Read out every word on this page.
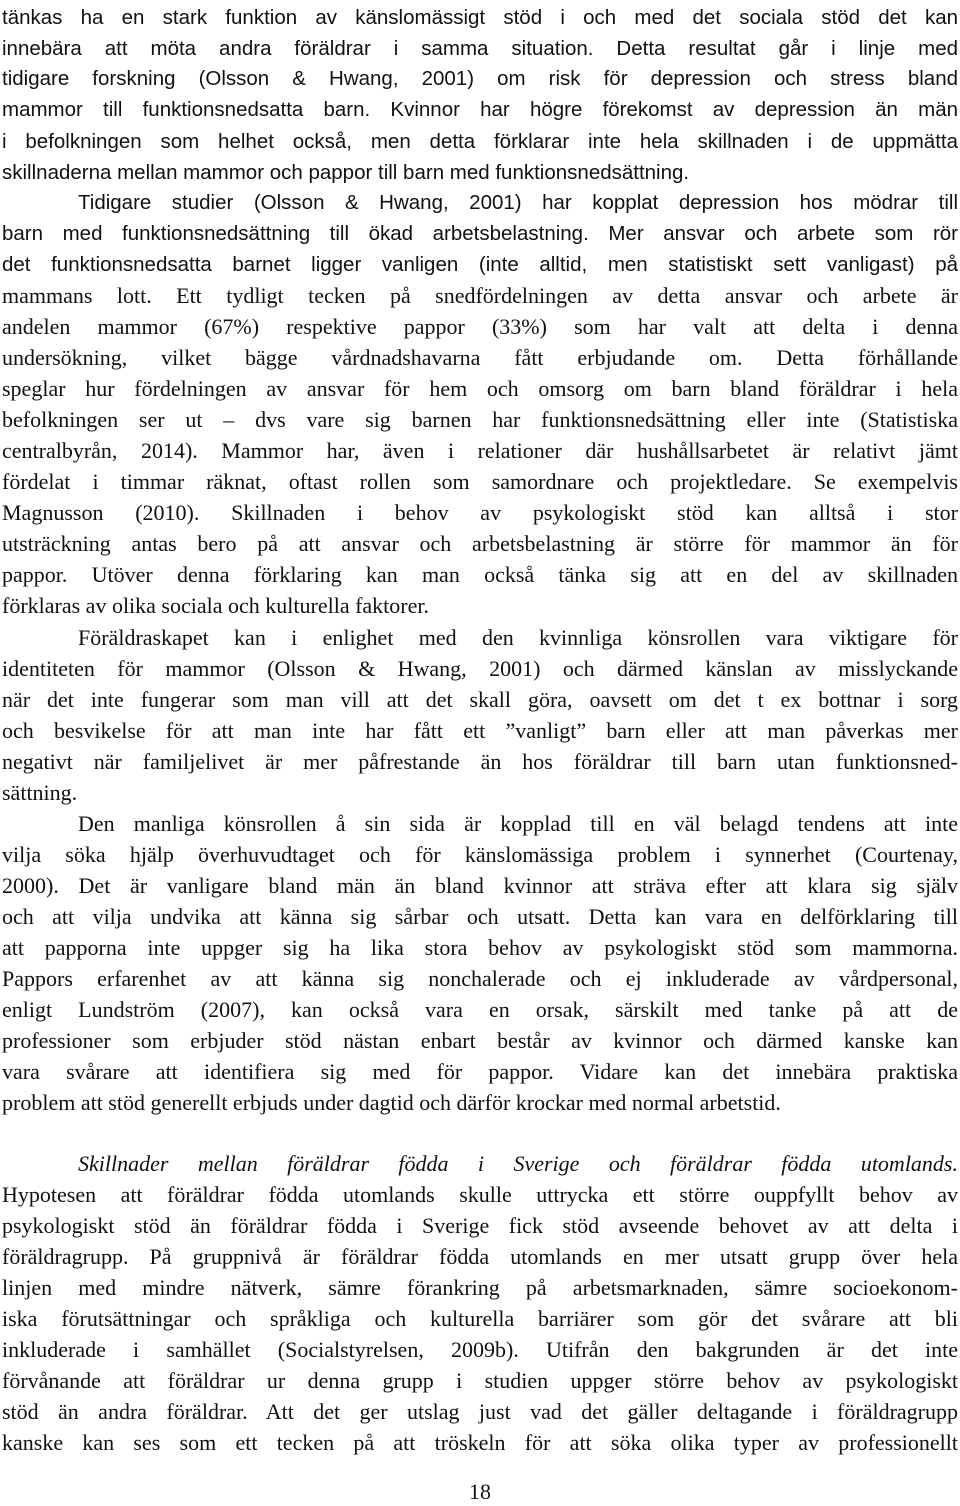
tänkas ha en stark funktion av känslomässigt stöd i och med det sociala stöd det kan
innebära att möta andra föräldrar i samma situation. Detta resultat går i linje med
tidigare forskning (Olsson & Hwang, 2001) om risk för depression och stress bland
mammor till funktionsnedsatta barn. Kvinnor har högre förekomst av depression än män
i befolkningen som helhet också, men detta förklarar inte hela skillnaden i de uppmätta
skillnaderna mellan mammor och pappor till barn med funktionsnedsättning.
Tidigare studier (Olsson & Hwang, 2001) har kopplat depression hos mödrar till
barn med funktionsnedsättning till ökad arbetsbelastning. Mer ansvar och arbete som rör
det funktionsnedsatta barnet ligger vanligen (inte alltid, men statistiskt sett vanligast) på
mammans lott. Ett tydligt tecken på snedfördelningen av detta ansvar och arbete är
andelen mammor (67%) respektive pappor (33%) som har valt att delta i denna
undersökning, vilket bägge vårdnadshavarna fått erbjudande om. Detta förhållande
speglar hur fördelningen av ansvar för hem och omsorg om barn bland föräldrar i hela
befolkningen ser ut – dvs vare sig barnen har funktionsnedsättning eller inte (Statistiska
centralbyrån, 2014). Mammor har, även i relationer där hushållsarbetet är relativt jämt
fördelat i timmar räknat, oftast rollen som samordnare och projektledare. Se exempelvis
Magnusson (2010). Skillnaden i behov av psykologiskt stöd kan alltså i stor
utsträckning antas bero på att ansvar och arbetsbelastning är större för mammor än för
pappor. Utöver denna förklaring kan man också tänka sig att en del av skillnaden
förklaras av olika sociala och kulturella faktorer.
Föräldraskapet kan i enlighet med den kvinnliga könsrollen vara viktigare för
identiteten för mammor (Olsson & Hwang, 2001) och därmed känslan av misslyckande
när det inte fungerar som man vill att det skall göra, oavsett om det t ex bottnar i sorg
och besvikelse för att man inte har fått ett ”vanligt” barn eller att man påverkas mer
negativt när familjelivet är mer påfrestande än hos föräldrar till barn utan funktionsned-
sättning.
Den manliga könsrollen å sin sida är kopplad till en väl belagd tendens att inte
vilja söka hjälp överhuvudtaget och för känslomässiga problem i synnerhet (Courtenay,
2000). Det är vanligare bland män än bland kvinnor att sträva efter att klara sig själv
och att vilja undvika att känna sig sårbar och utsatt. Detta kan vara en delförklaring till
att papporna inte uppger sig ha lika stora behov av psykologiskt stöd som mammorna.
Pappors erfarenhet av att känna sig nonchalerade och ej inkluderade av vårdpersonal,
enligt Lundström (2007), kan också vara en orsak, särskilt med tanke på att de
professioner som erbjuder stöd nästan enbart består av kvinnor och därmed kanske kan
vara svårare att identifiera sig med för pappor. Vidare kan det innebära praktiska
problem att stöd generellt erbjuds under dagtid och därför krockar med normal arbetstid.
Skillnader mellan föräldrar födda i Sverige och föräldrar födda utomlands.
Hypotesen att föräldrar födda utomlands skulle uttrycka ett större ouppfyllt behov av
psykologiskt stöd än föräldrar födda i Sverige fick stöd avseende behovet av att delta i
föräldragrupp. På gruppnivå är föräldrar födda utomlands en mer utsatt grupp över hela
linjen med mindre nätverk, sämre förankring på arbetsmarknaden, sämre socioekonom-
iska förutsättningar och språkliga och kulturella barriärer som gör det svårare att bli
inkluderade i samhället (Socialstyrelsen, 2009b). Utifrån den bakgrunden är det inte
förvånande att föräldrar ur denna grupp i studien uppger större behov av psykologiskt
stöd än andra föräldrar. Att det ger utslag just vad det gäller deltagande i föräldragrupp
kanske kan ses som ett tecken på att tröskeln för att söka olika typer av professionellt
18
